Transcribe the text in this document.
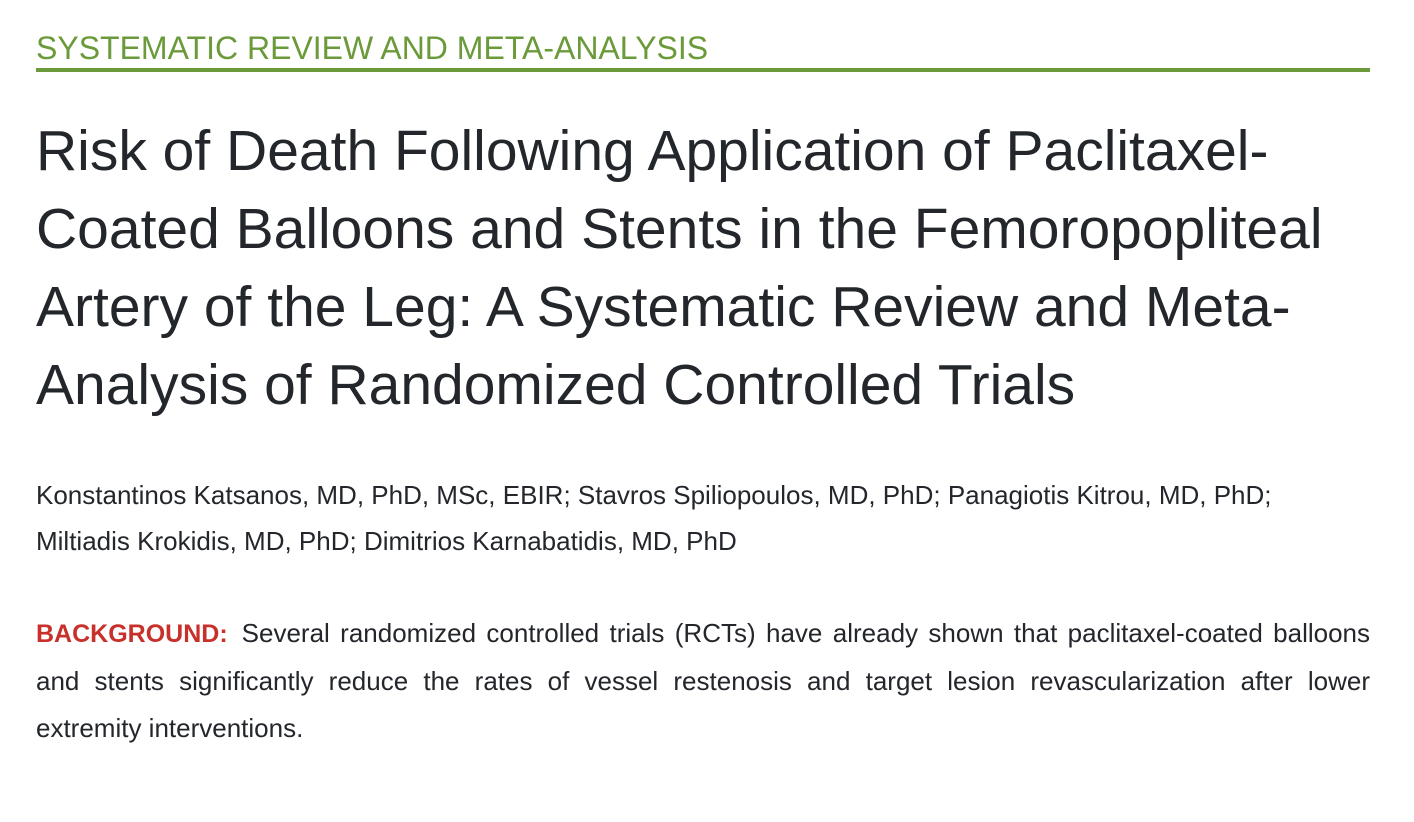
SYSTEMATIC REVIEW AND META-ANALYSIS
Risk of Death Following Application of Paclitaxel-Coated Balloons and Stents in the Femoropopliteal Artery of the Leg: A Systematic Review and Meta-Analysis of Randomized Controlled Trials
Konstantinos Katsanos, MD, PhD, MSc, EBIR; Stavros Spiliopoulos, MD, PhD; Panagiotis Kitrou, MD, PhD; Miltiadis Krokidis, MD, PhD; Dimitrios Karnabatidis, MD, PhD
BACKGROUND: Several randomized controlled trials (RCTs) have already shown that paclitaxel-coated balloons and stents significantly reduce the rates of vessel restenosis and target lesion revascularization after lower extremity interventions.
